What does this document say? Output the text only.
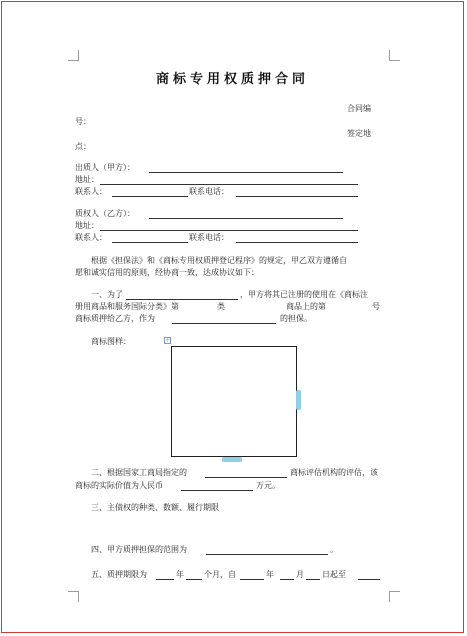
商标专用权质押合同
合同编
号：
签定地
点：
出质人（甲方）：
地址：
联系人：	联系电话：
质权人（乙方）：
地址：
联系人：	联系电话：
根据《担保法》和《商标专用权质押登记程序》的规定，甲乙双方遵循自
愿和诚实信用的原则，经协商一致，达成协议如下：
一、为了	，甲方将其已注册的使用在《商标注
册用商品和服务国际分类》第	类	商品上的第	号
商标质押给乙方，作为	的担保。
商标图样：	+
二、根据国家工商局指定的	商标评估机构的评估，该
商标的实际价值为人民币	万元。
三、主债权的种类、数额、履行期限
四、甲方质押担保的范围为	。
五、质押期限为	年	个月，自	年	月 日起至
